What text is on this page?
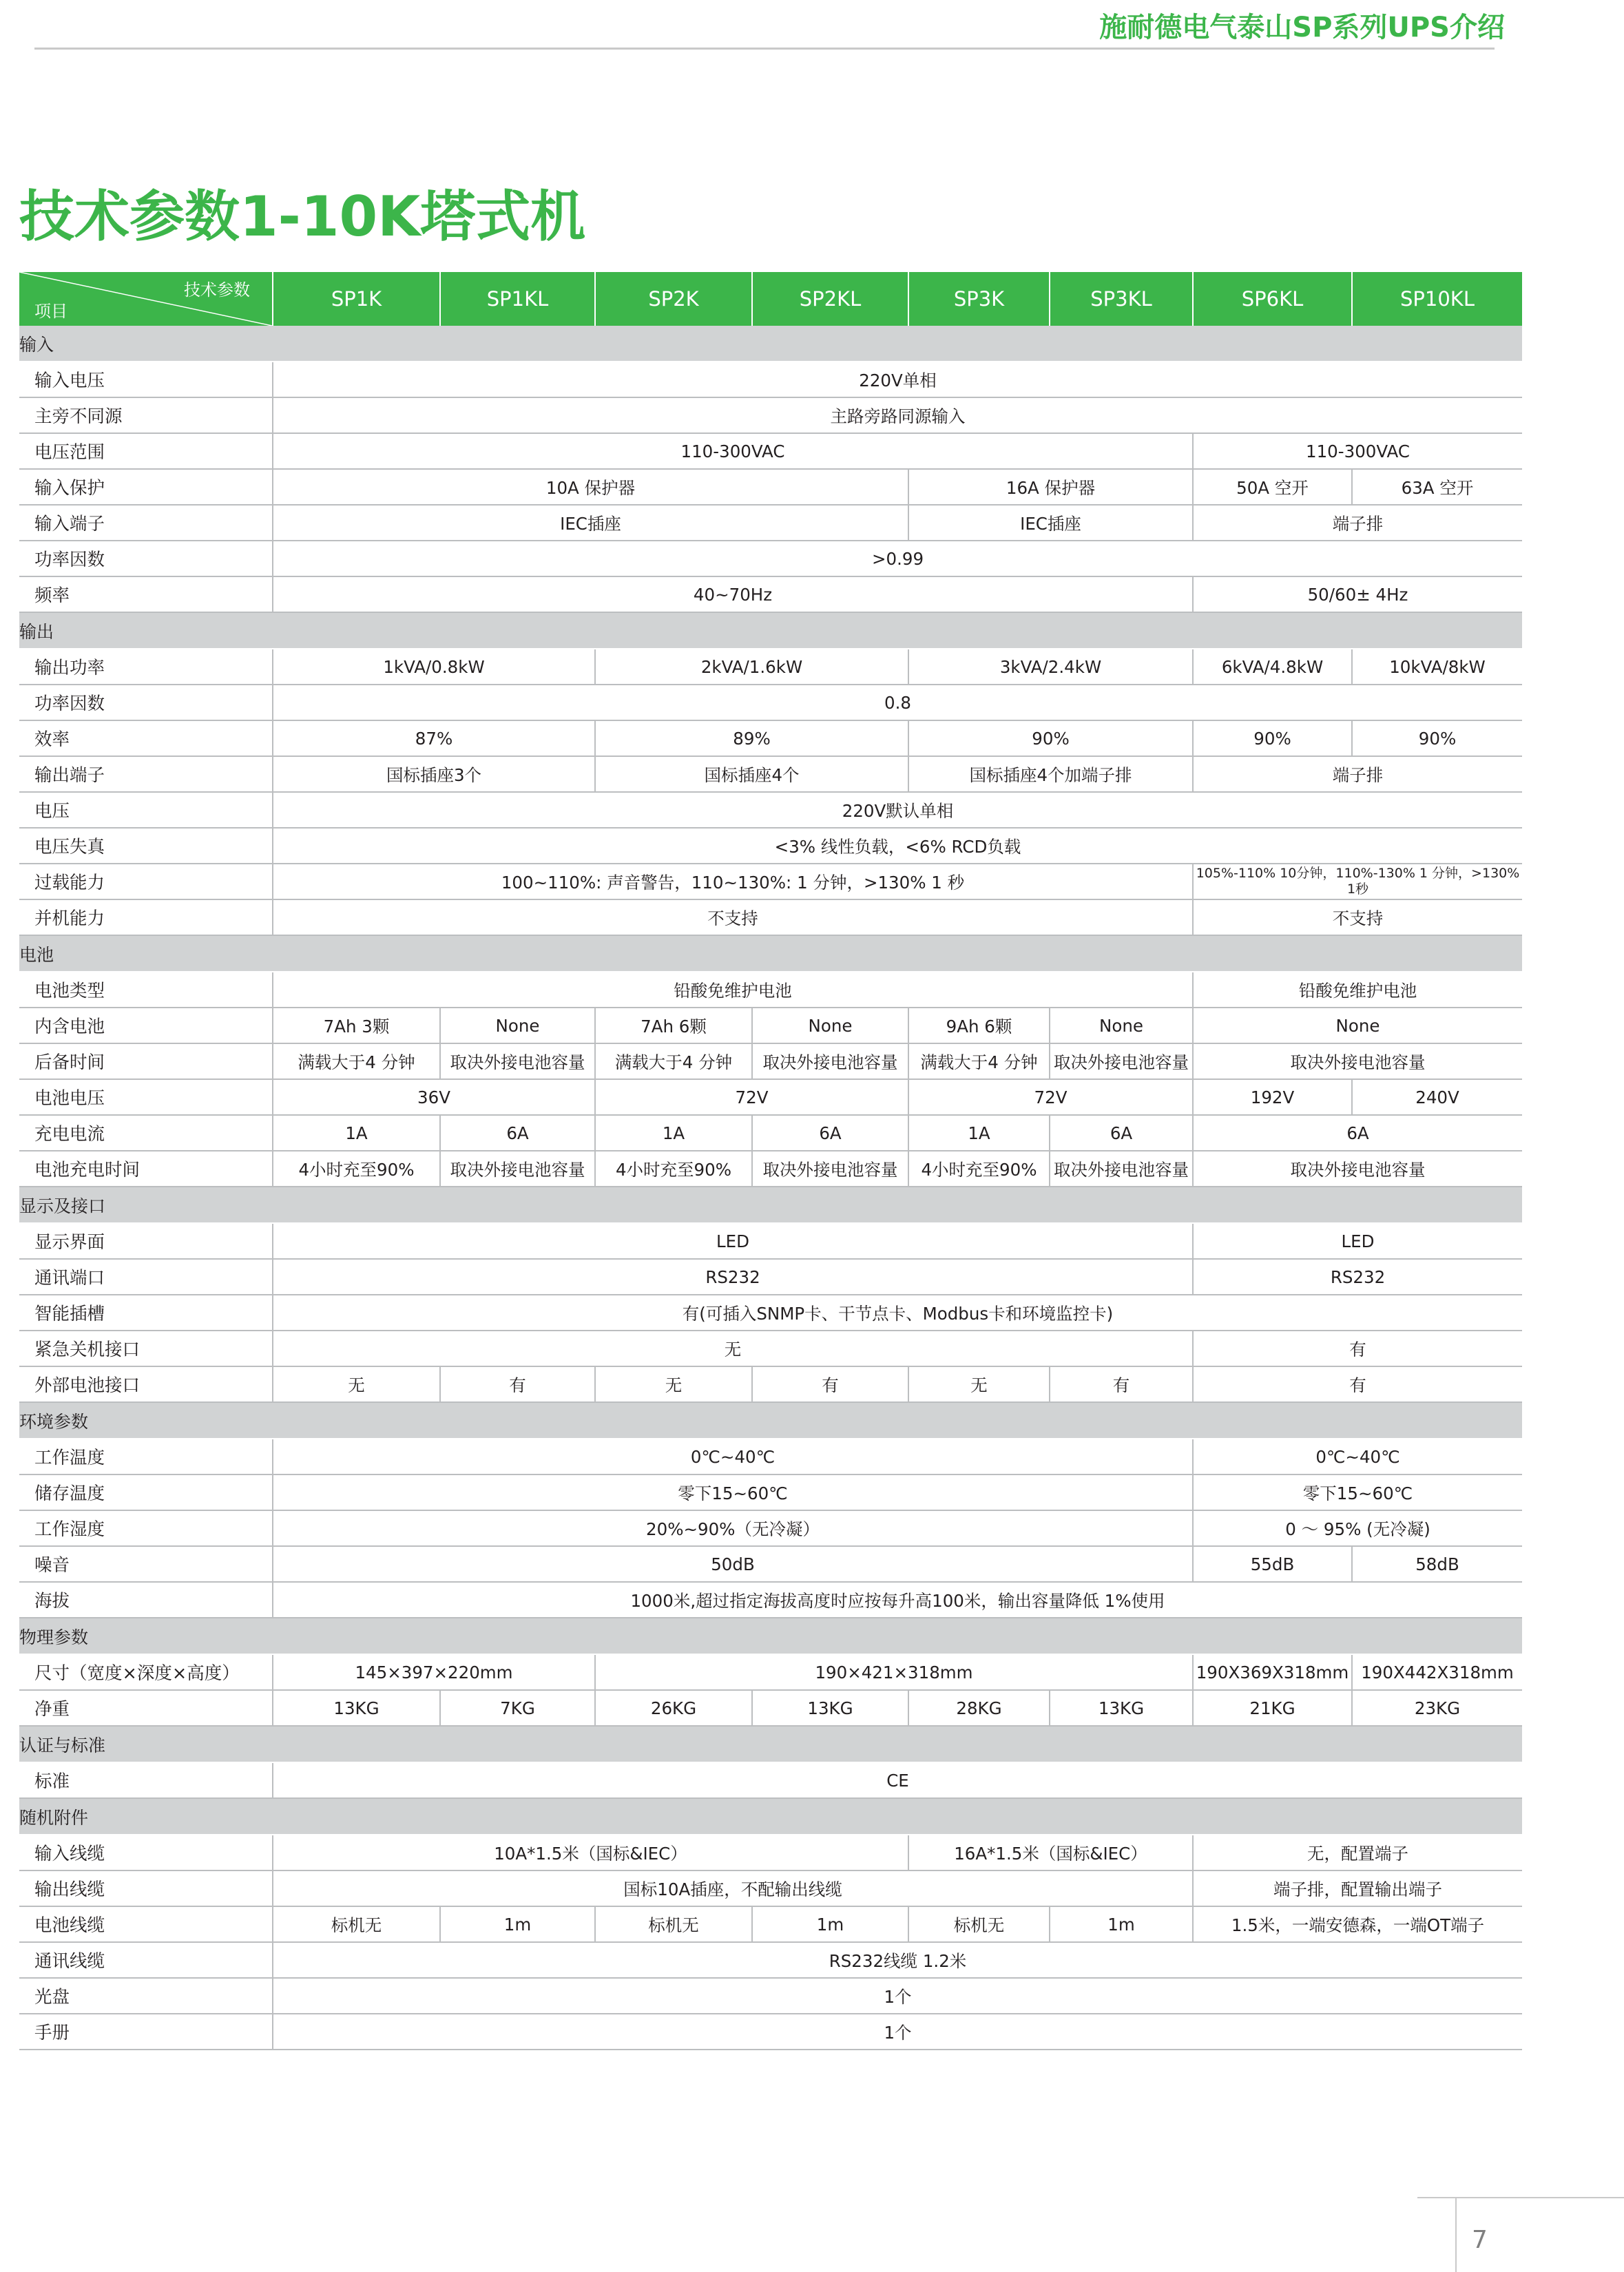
施耐德电气泰山SP系列UPS介绍
技术参数1-10K塔式机
技术参数
项目	SP1K	SP1KL	SP2K	SP2KL	SP3K	SP3KL	SP6KL	SP10KL
输入								
输入电压	220V单相							
主旁不同源	主路旁路同源输入							
电压范围	110-300VAC						110-300VAC	
输入保护	10A 保护器				16A 保护器		50A 空开	63A 空开
输入端子	IEC插座				IEC插座		端子排	
功率因数	>0.99							
频率	40~70Hz						50/60± 4Hz	
输出								
输出功率	1kVA/0.8kW		2kVA/1.6kW		3kVA/2.4kW		6kVA/4.8kW	10kVA/8kW
功率因数	0.8							
效率	87%		89%		90%		90%	90%
输出端子	国标插座3个		国标插座4个		国标插座4个加端子排		端子排	
电压	220V默认单相							
电压失真	<3% 线性负载，<6% RCD负载							
过载能力	100~110%: 声音警告，110~130%: 1 分钟，>130% 1 秒						105%-110% 10分钟，110%-130% 1 分钟，>130% 1秒	
并机能力	不支持						不支持	
电池								
电池类型	铅酸免维护电池						铅酸免维护电池	
内含电池	7Ah 3颗	None	7Ah 6颗	None	9Ah 6颗	None	None	
后备时间	满载大于4 分钟	取决外接电池容量	满载大于4 分钟	取决外接电池容量	满载大于4 分钟	取决外接电池容量	取决外接电池容量	
电池电压	36V		72V		72V		192V	240V
充电电流	1A	6A	1A	6A	1A	6A	6A	
电池充电时间	4小时充至90%	取决外接电池容量	4小时充至90%	取决外接电池容量	4小时充至90%	取决外接电池容量	取决外接电池容量	
显示及接口								
显示界面	LED						LED	
通讯端口	RS232						RS232	
智能插槽	有(可插入SNMP卡、干节点卡、Modbus卡和环境监控卡)							
紧急关机接口	无						有	
外部电池接口	无	有	无	有	无	有	有	
环境参数								
工作温度	0℃~40℃						0℃~40℃	
储存温度	零下15~60℃						零下15~60℃	
工作湿度	20%~90%（无冷凝）						0 ～ 95% (无冷凝)	
噪音	50dB						55dB	58dB
海拔	1000米,超过指定海拔高度时应按每升高100米，输出容量降低 1%使用							
物理参数								
尺寸（宽度×深度×高度）	145×397×220mm		190×421×318mm				190X369X318mm	190X442X318mm
净重	13KG	7KG	26KG	13KG	28KG	13KG	21KG	23KG
认证与标准								
标准	CE							
随机附件								
输入线缆	10A*1.5米（国标&IEC）				16A*1.5米（国标&IEC）		无，配置端子	
输出线缆	国标10A插座，不配输出线缆						端子排，配置输出端子	
电池线缆	标机无	1m	标机无	1m	标机无	1m	1.5米，一端安德森，一端OT端子	
通讯线缆	RS232线缆 1.2米							
光盘	1个							
手册	1个							
7
